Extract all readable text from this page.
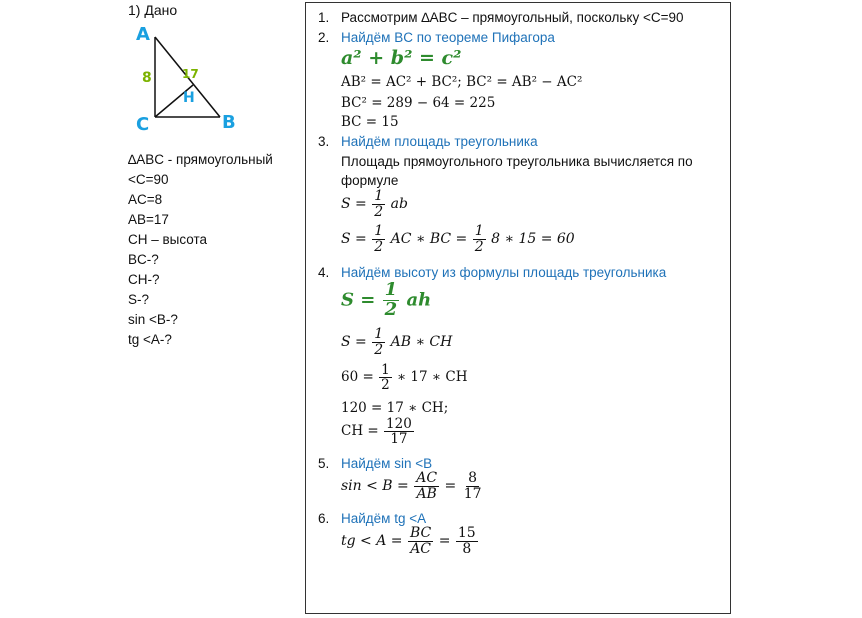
1) Дано
A
C	B
H
8	17
∆ABC - прямоугольный
<C=90
AC=8
AB=17
CH – высота
BC-?
CH-?
S-?
sin <B-?
tg <A-?
1. Рассмотрим ∆ABC – прямоугольный, поскольку <C=90
2. Найдём BC по теореме Пифагора
a² + b² = c²
AB² = AC² + BC²; BC² = AB² − AC²
BC² = 289 − 64 = 225
BC = 15
3. Найдём площадь треугольника
Площадь прямоугольного треугольника вычисляется по
формуле
$S = \frac{1}{2}$ ab
$S = \frac{1}{2}$ AC ∗ BC = $\frac{1}{2} 8$ ∗ 15 = 60
4. Найдём высоту из формулы площадь треугольника
$S = \frac{1}{2}$ ah
$S = \frac{1}{2}$ AB ∗ CH
$60 = \frac{1}{2}$ ∗ 17 ∗ CH
120 = 17 ∗ CH;
CH = $\frac{120}{17}$
5. Найдём sin <B
$\sin < B = \frac{AC}{AB} = \frac{8}{17}$
6. Найдём tg <A
tg < $A = \frac{BC}{AC} = \frac{15}{8}$
